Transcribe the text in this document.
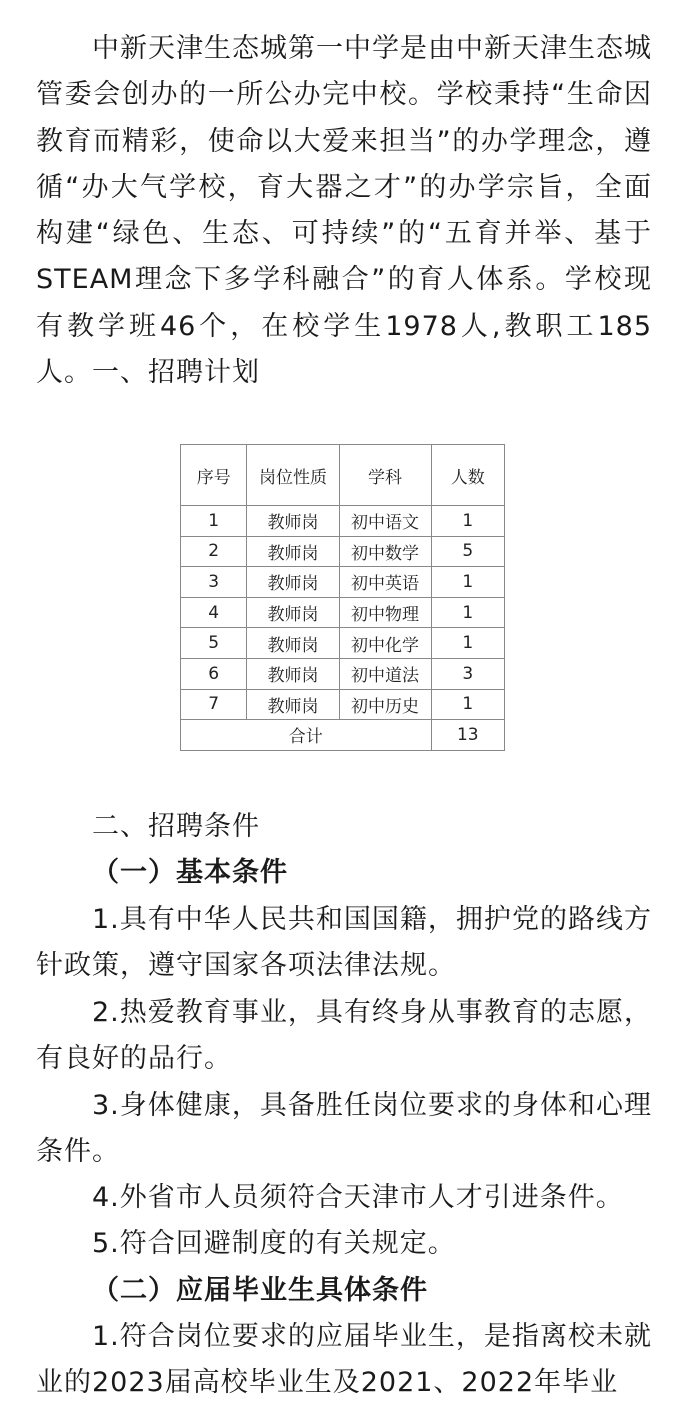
中新天津生态城第一中学是由中新天津生态城管委会创办的一所公办完中校。学校秉持“生命因教育而精彩，使命以大爱来担当”的办学理念，遵循“办大气学校，育大器之才”的办学宗旨，全面构建“绿色、生态、可持续”的“五育并举、基于STEAM理念下多学科融合”的育人体系。学校现有教学班46个，在校学生1978人,教职工185人。 一、招聘计划

序号	岗位性质	学科	人数
1	教师岗	初中语文	1
2	教师岗	初中数学	5
3	教师岗	初中英语	1
4	教师岗	初中物理	1
5	教师岗	初中化学	1
6	教师岗	初中道法	3
7	教师岗	初中历史	1
合计			13

二、招聘条件

（一）基本条件

1.具有中华人民共和国国籍，拥护党的路线方针政策，遵守国家各项法律法规。

2.热爱教育事业，具有终身从事教育的志愿，有良好的品行。

3.身体健康，具备胜任岗位要求的身体和心理条件。

4.外省市人员须符合天津市人才引进条件。

5.符合回避制度的有关规定。

（二）应届毕业生具体条件

1.符合岗位要求的应届毕业生，是指离校未就业的2023届高校毕业生及2021、2022年毕业
